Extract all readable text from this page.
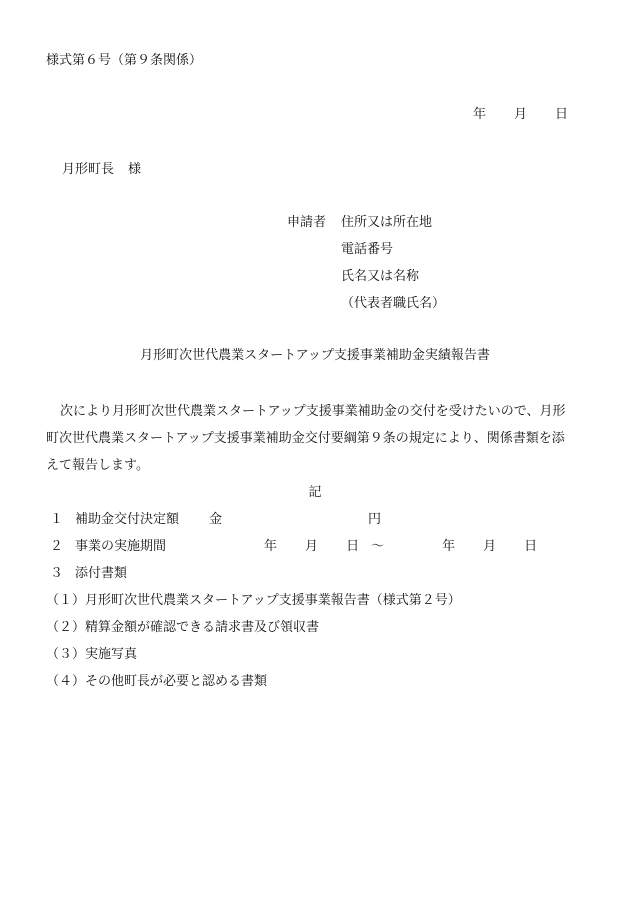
様式第６号（第９条関係）
年 月 日
月形町長 様
申請者 住所又は所在地
電話番号
氏名又は名称
（代表者職氏名）
月形町次世代農業スタートアップ支援事業補助金実績報告書
次により月形町次世代農業スタートアップ支援事業補助金の交付を受けたいので、月形
町次世代農業スタートアップ支援事業補助金交付要綱第９条の規定により、関係書類を添
えて報告します。
記
１ 補助金交付決定額 金	円
２ 事業の実施期間	年 月 日 ～	年 月 日
３ 添付書類
（１）月形町次世代農業スタートアップ支援事業報告書（様式第２号）
（２）精算金額が確認できる請求書及び領収書
（３）実施写真
（４）その他町長が必要と認める書類
